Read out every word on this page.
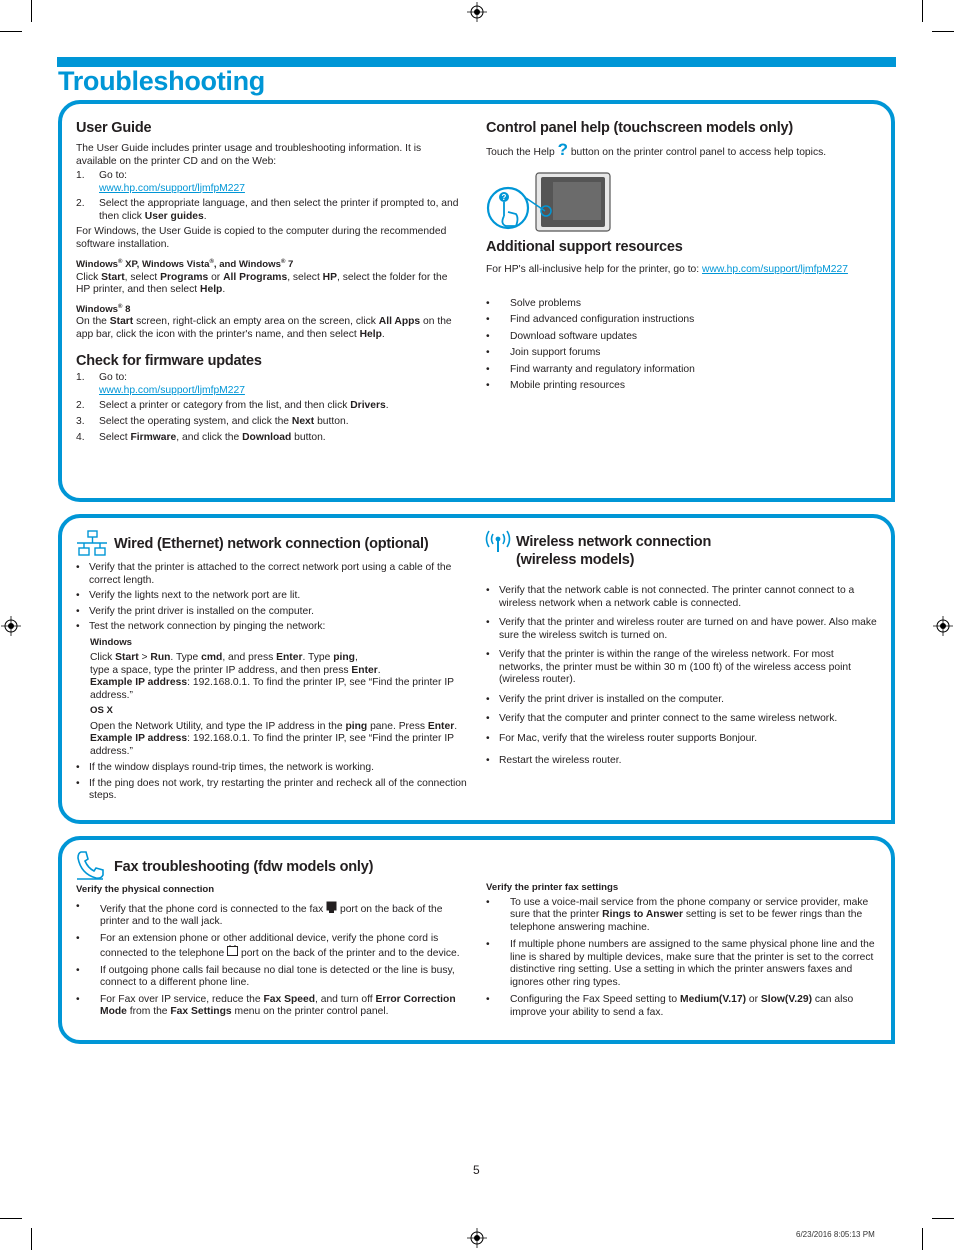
Troubleshooting
User Guide

The User Guide includes printer usage and troubleshooting information. It is available on the printer CD and on the Web:

1. Go to:
www.hp.com/support/ljmfpM227
2. Select the appropriate language, and then select the printer if prompted to, and then click User guides.

For Windows, the User Guide is copied to the computer during the recommended software installation.

Windows® XP, Windows Vista®, and Windows® 7

Click Start, select Programs or All Programs, select HP, select the folder for the HP printer, and then select Help.

Windows® 8

On the Start screen, right-click an empty area on the screen, click All Apps on the app bar, click the icon with the printer's name, and then select Help.

Check for firmware updates
1. Go to:
www.hp.com/support/ljmfpM227
2. Select a printer or category from the list, and then click Drivers.
3. Select the operating system, and click the Next button.
4. Select Firmware, and click the Download button.
Control panel help (touchscreen models only)

Touch the Help ? button on the printer control panel to access help topics.

?
Additional support resources

For HP's all-inclusive help for the printer, go to: www.hp.com/support/ljmfpM227

• Solve problems
• Find advanced configuration instructions
• Download software updates
• Join support forums
• Find warranty and regulatory information
• Mobile printing resources
Wired (Ethernet) network connection (optional)
• Verify that the printer is attached to the correct network port using a cable of the correct length.
• Verify the lights next to the network port are lit.
• Verify the print driver is installed on the computer.
• Test the network connection by pinging the network:
Windows

Click Start > Run. Type cmd, and press Enter. Type ping,
type a space, type the printer IP address, and then press Enter.
Example IP address: 192.168.0.1. To find the printer IP, see “Find the printer IP address.”

OS X

Open the Network Utility, and type the IP address in the ping pane. Press Enter.
Example IP address: 192.168.0.1. To find the printer IP, see “Find the printer IP address.”

• If the window displays round-trip times, the network is working.
• If the ping does not work, try restarting the printer and recheck all of the connection steps.
Wireless network connection
(wireless models)
• Verify that the network cable is not connected. The printer cannot connect to a wireless network when a network cable is connected.
• Verify that the printer and wireless router are turned on and have power. Also make sure the wireless switch is turned on.
• Verify that the printer is within the range of the wireless network. For most networks, the printer must be within 30 m (100 ft) of the wireless access point (wireless router).
• Verify the print driver is installed on the computer.
• Verify that the computer and printer connect to the same wireless network.
• For Mac, verify that the wireless router supports Bonjour.
• Restart the wireless router.
Fax troubleshooting (fdw models only)
Verify the physical connection
• Verify that the phone cord is connected to the fax  port on the back of the printer and to the wall jack.
• For an extension phone or other additional device, verify the phone cord is connected to the telephone  port on the back of the printer and to the device.
• If outgoing phone calls fail because no dial tone is detected or the line is busy, connect to a different phone line.
• For Fax over IP service, reduce the Fax Speed, and turn off Error Correction Mode from the Fax Settings menu on the printer control panel.
Verify the printer fax settings
• To use a voice-mail service from the phone company or service provider, make sure that the printer Rings to Answer setting is set to be fewer rings than the telephone answering machine.
• If multiple phone numbers are assigned to the same physical phone line and the line is shared by multiple devices, make sure that the printer is set to the correct distinctive ring setting. Use a setting in which the printer answers faxes and ignores other ring types.
• Configuring the Fax Speed setting to Medium(V.17) or Slow(V.29) can also improve your ability to send a fax.
5
6/23/2016 8:05:13 PM
